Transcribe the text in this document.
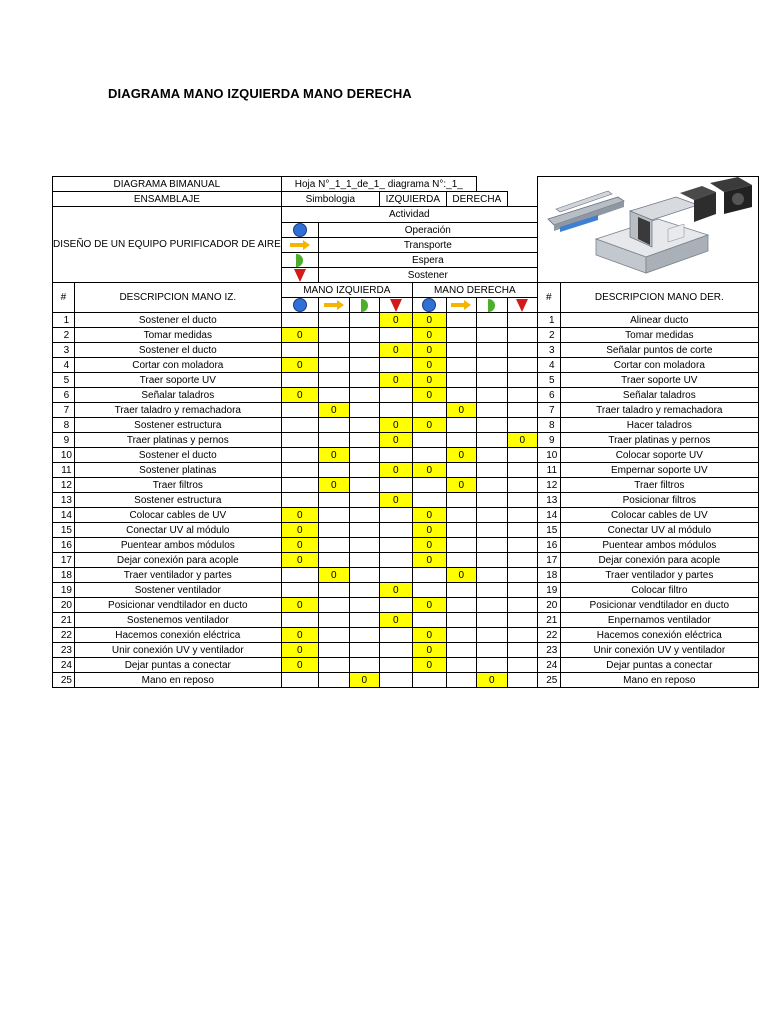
DIAGRAMA MANO IZQUIERDA MANO DERECHA
DIAGRAMA BIMANUAL		Hoja N°_1_1_de_1_ diagrama N°:_1_		
ENSAMBLAJE		Simbologia			IZQUIERDA		DERECHA				
DISEÑO DE UN EQUIPO PURIFICADOR DE AIRE		Actividad									
			Operación								
	Transporte								
			Espera								
			Sostener								
#	DESCRIPCION MANO IZ.	MANO IZQUIERDA				MANO DERECHA				#	DESCRIPCION MANO DER.

1	Sostener el ducto				0	0				1	Alinear ducto
2	Tomar medidas	0				0				2	Tomar medidas
3	Sostener el ducto				0	0				3	Señalar puntos de corte
4	Cortar con moladora	0				0				4	Cortar con moladora
5	Traer soporte UV				0	0				5	Traer soporte UV
6	Señalar taladros	0				0				6	Señalar taladros
7	Traer taladro y remachadora		0				0			7	Traer taladro y remachadora
8	Sostener estructura				0	0				8	Hacer taladros
9	Traer platinas y pernos				0				0	9	Traer platinas y pernos
10	Sostener el ducto		0				0			10	Colocar soporte UV
11	Sostener platinas				0	0				11	Empernar soporte UV
12	Traer filtros		0				0			12	Traer filtros
13	Sostener estructura				0					13	Posicionar filtros
14	Colocar cables de UV	0				0				14	Colocar cables de UV
15	Conectar UV al módulo	0				0				15	Conectar UV al módulo
16	Puentear ambos módulos	0				0				16	Puentear ambos módulos
17	Dejar conexión para acople	0				0				17	Dejar conexión para acople
18	Traer ventilador y partes		0				0			18	Traer ventilador y partes
19	Sostener ventilador				0					19	Colocar filtro
20	Posicionar vendtilador en ducto	0				0				20	Posicionar vendtilador en ducto
21	Sostenemos ventilador				0					21	Enpernamos ventilador
22	Hacemos conexión eléctrica	0				0				22	Hacemos conexión eléctrica
23	Unir conexión UV y ventilador	0				0				23	Unir conexión UV y ventilador
24	Dejar puntas a conectar	0				0				24	Dejar puntas a conectar
25	Mano en reposo			0				0		25	Mano en reposo
